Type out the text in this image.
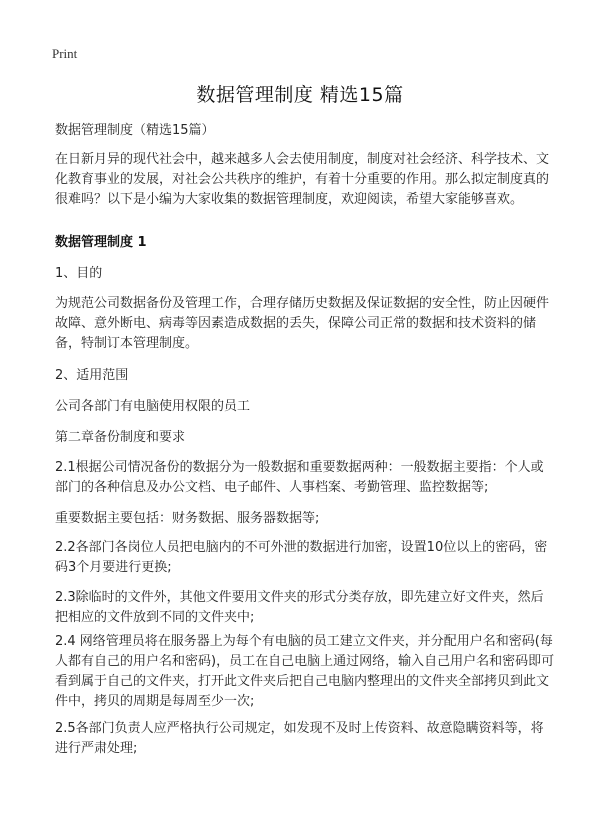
Print
数据管理制度 精选15篇
数据管理制度（精选15篇）
在日新月异的现代社会中，越来越多人会去使用制度，制度对社会经济、科学技术、文化教育事业的发展，对社会公共秩序的维护，有着十分重要的作用。那么拟定制度真的很难吗？以下是小编为大家收集的数据管理制度，欢迎阅读，希望大家能够喜欢。
数据管理制度 1
1、目的
为规范公司数据备份及管理工作，合理存储历史数据及保证数据的安全性，防止因硬件故障、意外断电、病毒等因素造成数据的丢失，保障公司正常的数据和技术资料的储备，特制订本管理制度。
2、适用范围
公司各部门有电脑使用权限的员工
第二章备份制度和要求
2.1根据公司情况备份的数据分为一般数据和重要数据两种：一般数据主要指：个人或部门的各种信息及办公文档、电子邮件、人事档案、考勤管理、监控数据等;
重要数据主要包括：财务数据、服务器数据等;
2.2各部门各岗位人员把电脑内的不可外泄的数据进行加密，设置10位以上的密码，密码3个月要进行更换;
2.3除临时的文件外，其他文件要用文件夹的形式分类存放，即先建立好文件夹，然后把相应的文件放到不同的文件夹中;
2.4 网络管理员将在服务器上为每个有电脑的员工建立文件夹，并分配用户名和密码(每人都有自己的用户名和密码)，员工在自己电脑上通过网络，输入自己用户名和密码即可看到属于自己的文件夹，打开此文件夹后把自己电脑内整理出的文件夹全部拷贝到此文件中，拷贝的周期是每周至少一次;
2.5各部门负责人应严格执行公司规定，如发现不及时上传资料、故意隐瞒资料等，将进行严肃处理;
